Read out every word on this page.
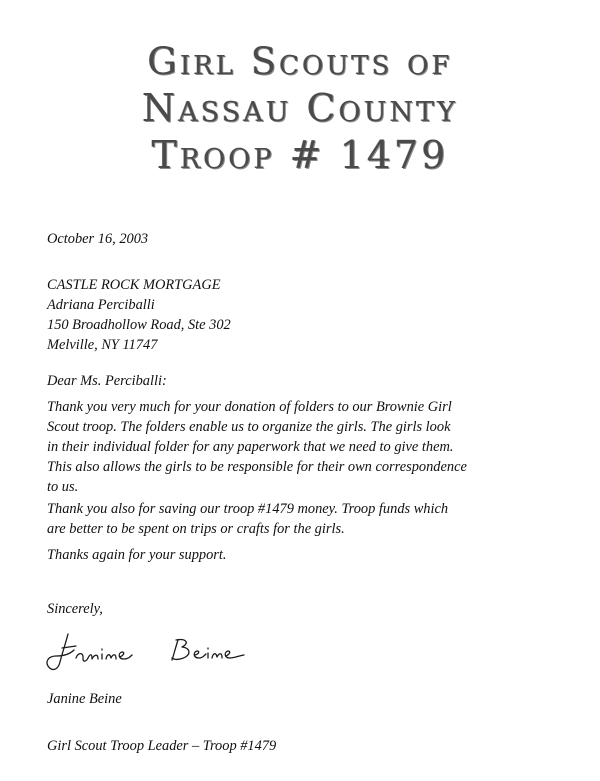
Girl Scouts of
Nassau County
Troop # 1479
October 16, 2003
CASTLE ROCK MORTGAGE
Adriana Perciballi
150 Broadhollow Road, Ste 302
Melville, NY 11747
Dear Ms. Perciballi:
Thank you very much for your donation of folders to our Brownie Girl
Scout troop. The folders enable us to organize the girls. The girls look
in their individual folder for any paperwork that we need to give them.
This also allows the girls to be responsible for their own correspondence
to us.
Thank you also for saving our troop #1479 money. Troop funds which
are better to be spent on trips or crafts for the girls.
Thanks again for your support.
Sincerely,
Janine Beine
Girl Scout Troop Leader – Troop #1479
